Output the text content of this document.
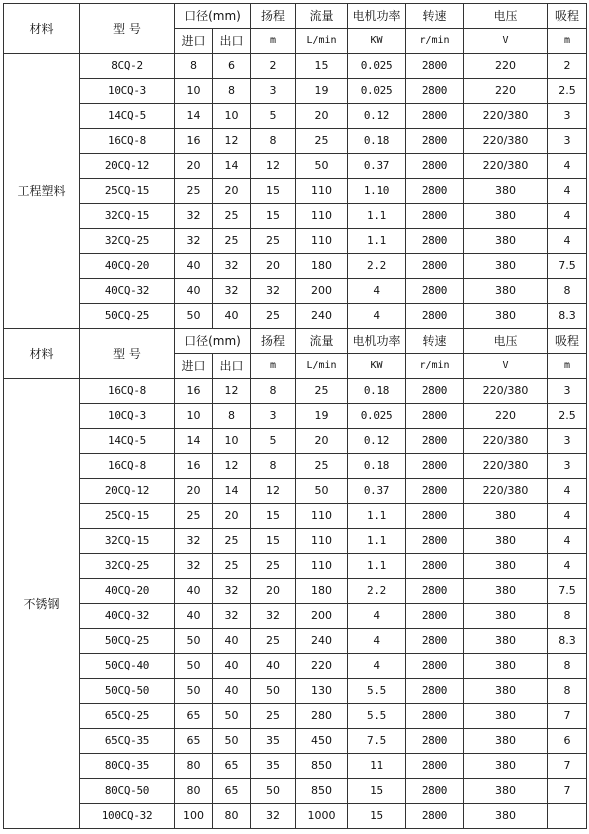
材料	型 号	口径(mm)		扬程	流量	电机功率	转速	电压	吸程
		进口	出口	m	L/min	KW	r/min	V	m
工程塑料	8CQ-2	8	6	2	15	0.025	2800	220	2
	10CQ-3	10	8	3	19	0.025	2800	220	2.5
	14CQ-5	14	10	5	20	0.12	2800	220/380	3
	16CQ-8	16	12	8	25	0.18	2800	220/380	3
	20CQ-12	20	14	12	50	0.37	2800	220/380	4
	25CQ-15	25	20	15	110	1.10	2800	380	4
	32CQ-15	32	25	15	110	1.1	2800	380	4
	32CQ-25	32	25	25	110	1.1	2800	380	4
	40CQ-20	40	32	20	180	2.2	2800	380	7.5
	40CQ-32	40	32	32	200	4	2800	380	8
	50CQ-25	50	40	25	240	4	2800	380	8.3
材料	型 号	口径(mm)		扬程	流量	电机功率	转速	电压	吸程
		进口	出口	m	L/min	KW	r/min	V	m
不锈钢	16CQ-8	16	12	8	25	0.18	2800	220/380	3
	10CQ-3	10	8	3	19	0.025	2800	220	2.5
	14CQ-5	14	10	5	20	0.12	2800	220/380	3
	16CQ-8	16	12	8	25	0.18	2800	220/380	3
	20CQ-12	20	14	12	50	0.37	2800	220/380	4
	25CQ-15	25	20	15	110	1.1	2800	380	4
	32CQ-15	32	25	15	110	1.1	2800	380	4
	32CQ-25	32	25	25	110	1.1	2800	380	4
	40CQ-20	40	32	20	180	2.2	2800	380	7.5
	40CQ-32	40	32	32	200	4	2800	380	8
	50CQ-25	50	40	25	240	4	2800	380	8.3
	50CQ-40	50	40	40	220	4	2800	380	8
	50CQ-50	50	40	50	130	5.5	2800	380	8
	65CQ-25	65	50	25	280	5.5	2800	380	7
	65CQ-35	65	50	35	450	7.5	2800	380	6
	80CQ-35	80	65	35	850	11	2800	380	7
	80CQ-50	80	65	50	850	15	2800	380	7
	100CQ-32	100	80	32	1000	15	2800	380	
